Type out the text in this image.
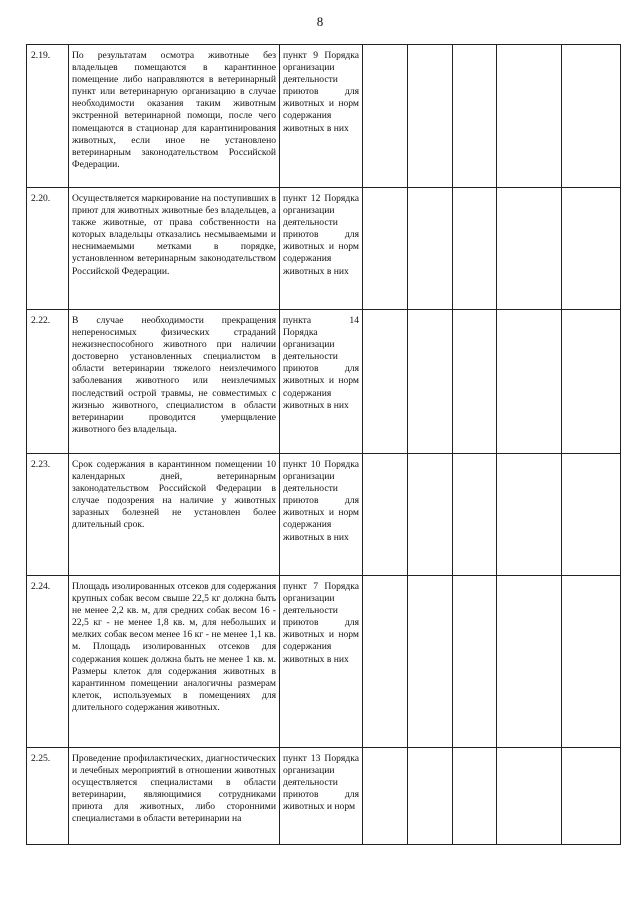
8
2.19.	По результатам осмотра животные без владельцев помещаются в карантинное помещение либо направляются в ветеринарный пункт или ветеринарную организацию в случае необходимости оказания таким животным экстренной ветеринарной помощи, после чего помещаются в стационар для карантинирования животных, если иное не установлено ветеринарным законодательством Российской Федерации.	пункт 9 Порядка организации деятельности приютов для животных и норм содержания животных в них					

2.20.	Осуществляется маркирование на поступивших в приют для животных животные без владельцев, а также животные, от права собственности на которых владельцы отказались несмываемыми и неснимаемыми метками в порядке, установленном ветеринарным законодательством Российской Федерации.	пункт 12 Порядка организации деятельности приютов для животных и норм содержания животных в них					

2.22.	В случае необходимости прекращения непереносимых физических страданий нежизнеспособного животного при наличии достоверно установленных специалистом в области ветеринарии тяжелого неизлечимого заболевания животного или неизлечимых последствий острой травмы, не совместимых с жизнью животного, специалистом в области ветеринарии проводится умерщвление животного без владельца.	пункта 14 Порядка организации деятельности приютов для животных и норм содержания животных в них					

2.23.	Срок содержания в карантинном помещении 10 календарных дней, ветеринарным законодательством Российской Федерации в случае подозрения на наличие у животных заразных болезней не установлен более длительный срок.	пункт 10 Порядка организации деятельности приютов для животных и норм содержания животных в них					

2.24.	Площадь изолированных отсеков для содержания крупных собак весом свыше 22,5 кг должна быть не менее 2,2 кв. м, для средних собак весом 16 - 22,5 кг - не менее 1,8 кв. м, для небольших и мелких собак весом менее 16 кг - не менее 1,1 кв. м. Площадь изолированных отсеков для содержания кошек должна быть не менее 1 кв. м. Размеры клеток для содержания животных в карантинном помещении аналогичны размерам клеток, используемых в помещениях для длительного содержания животных.	пункт 7 Порядка организации деятельности приютов для животных и норм содержания животных в них					

2.25.	Проведение профилактических, диагностических и лечебных мероприятий в отношении животных осуществляется специалистами в области ветеринарии, являющимися сотрудниками приюта для животных, либо сторонними специалистами в области ветеринарии на	пункт 13 Порядка организации деятельности приютов для животных и норм					
